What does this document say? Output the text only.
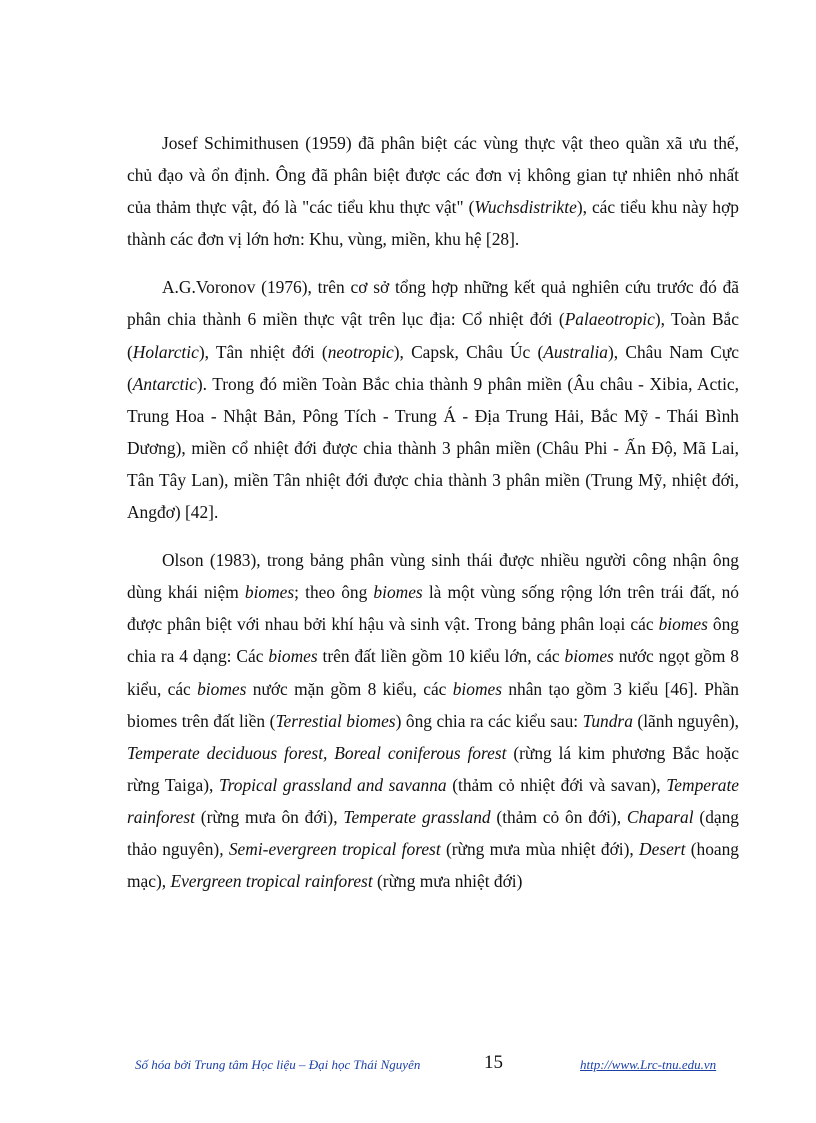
Josef Schimithusen (1959) đã phân biệt các vùng thực vật theo quần xã ưu thế, chủ đạo và ổn định. Ông đã phân biệt được các đơn vị không gian tự nhiên nhỏ nhất của thảm thực vật, đó là "các tiểu khu thực vật" (Wuchsdistrikte), các tiểu khu này hợp thành các đơn vị lớn hơn: Khu, vùng, miền, khu hệ [28].

A.G.Voronov (1976), trên cơ sở tổng hợp những kết quả nghiên cứu trước đó đã phân chia thành 6 miền thực vật trên lục địa: Cổ nhiệt đới (Palaeotropic), Toàn Bắc (Holarctic), Tân nhiệt đới (neotropic), Capsk, Châu Úc (Australia), Châu Nam Cực (Antarctic). Trong đó miền Toàn Bắc chia thành 9 phân miền (Âu châu - Xibia, Actic, Trung Hoa - Nhật Bản, Pông Tích - Trung Á - Địa Trung Hải, Bắc Mỹ - Thái Bình Dương), miền cổ nhiệt đới được chia thành 3 phân miền (Châu Phi - Ấn Độ, Mã Lai, Tân Tây Lan), miền Tân nhiệt đới được chia thành 3 phân miền (Trung Mỹ, nhiệt đới, Angđơ) [42].

Olson (1983), trong bảng phân vùng sinh thái được nhiều người công nhận ông dùng khái niệm biomes; theo ông biomes là một vùng sống rộng lớn trên trái đất, nó được phân biệt với nhau bởi khí hậu và sinh vật. Trong bảng phân loại các biomes ông chia ra 4 dạng: Các biomes trên đất liền gồm 10 kiểu lớn, các biomes nước ngọt gồm 8 kiểu, các biomes nước mặn gồm 8 kiểu, các biomes nhân tạo gồm 3 kiểu [46]. Phần biomes trên đất liền (Terrestial biomes) ông chia ra các kiểu sau: Tundra (lãnh nguyên), Temperate deciduous forest, Boreal coniferous forest (rừng lá kim phương Bắc hoặc rừng Taiga), Tropical grassland and savanna (thảm cỏ nhiệt đới và savan), Temperate rainforest (rừng mưa ôn đới), Temperate grassland (thảm cỏ ôn đới), Chaparal (dạng thảo nguyên), Semi-evergreen tropical forest (rừng mưa mùa nhiệt đới), Desert (hoang mạc), Evergreen tropical rainforest (rừng mưa nhiệt đới)

Số hóa bởi Trung tâm Học liệu – Đại học Thái Nguyên	15	http://www.Lrc-tnu.edu.vn
